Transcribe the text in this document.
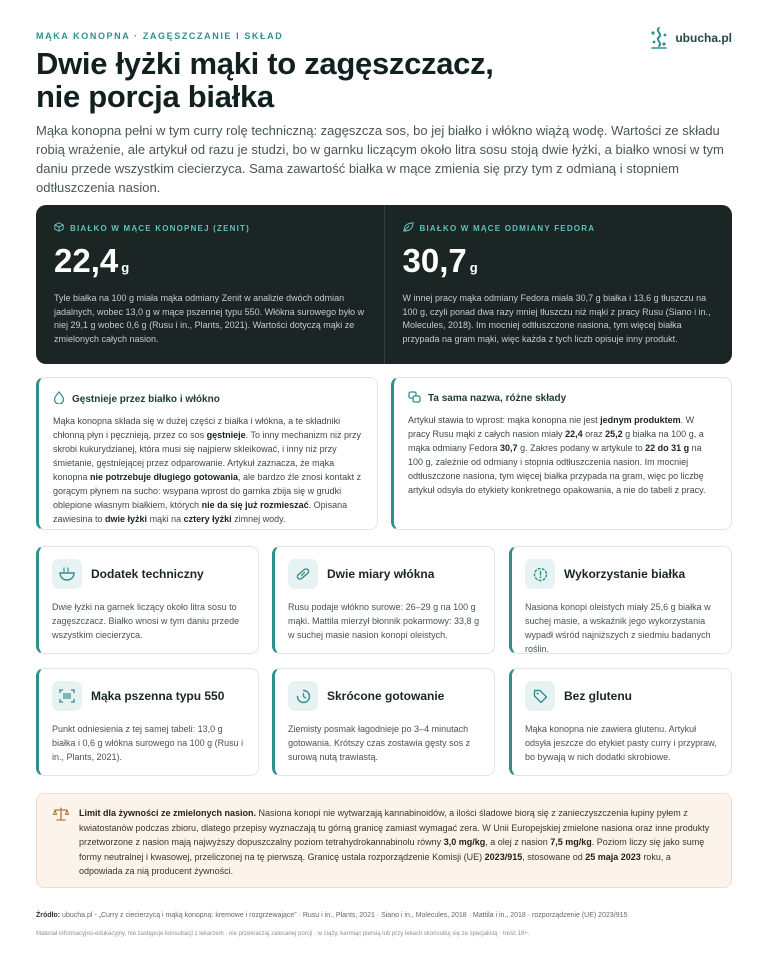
MĄKA KONOPNA · ZAGĘSZCZANIE I SKŁAD	ubucha.pl
Dwie łyżki mąki to zagęszczacz,
nie porcja białka

Mąka konopna pełni w tym curry rolę techniczną: zagęszcza sos, bo jej białko i włókno wiążą wodę. Wartości ze składu robią wrażenie, ale artykuł od razu je studzi, bo w garnku liczącym około litra sosu stoją dwie łyżki, a białko wnosi w tym daniu przede wszystkim ciecierzyca. Sama zawartość białka w mące zmienia się przy tym z odmianą i stopniem odtłuszczenia nasion.

BIAŁKO W MĄCE KONOPNEJ (ZENIT)
22,4 g
Tyle białka na 100 g miała mąka odmiany Zenit w analizie dwóch odmian jadalnych, wobec 13,0 g w mące pszennej typu 550. Włókna surowego było w niej 29,1 g wobec 0,6 g (Rusu i in., Plants, 2021). Wartości dotyczą mąki ze zmielonych całych nasion.
BIAŁKO W MĄCE ODMIANY FEDORA
30,7 g
W innej pracy mąka odmiany Fedora miała 30,7 g białka i 13,6 g tłuszczu na 100 g, czyli ponad dwa razy mniej tłuszczu niż mąki z pracy Rusu (Siano i in., Molecules, 2018). Im mocniej odtłuszczone nasiona, tym więcej białka przypada na gram mąki, więc każda z tych liczb opisuje inny produkt.
Gęstnieje przez białko i włókno
Mąka konopna składa się w dużej części z białka i włókna, a te składniki chłonną płyn i pęcznieją, przez co sos gęstnieje. To inny mechanizm niż przy skrobi kukurydzianej, która musi się najpierw skleikować, i inny niż przy śmietanie, gęstniejącej przez odparowanie. Artykuł zaznacza, że mąka konopna nie potrzebuje długiego gotowania, ale bardzo źle znosi kontakt z gorącym płynem na sucho: wsypana wprost do garnka zbija się w grudki oblepione własnym białkiem, których nie da się już rozmieszać. Opisana zawiesina to dwie łyżki mąki na cztery łyżki zimnej wody.
Ta sama nazwa, różne składy
Artykuł stawia to wprost: mąka konopna nie jest jednym produktem. W pracy Rusu mąki z całych nasion miały 22,4 oraz 25,2 g białka na 100 g, a mąka odmiany Fedora 30,7 g. Zakres podany w artykule to 22 do 31 g na 100 g, zależnie od odmiany i stopnia odtłuszczenia nasion. Im mocniej odtłuszczone nasiona, tym więcej białka przypada na gram, więc po liczbę artykuł odsyła do etykiety konkretnego opakowania, a nie do tabeli z pracy.
Dodatek techniczny
Dwie łyżki na garnek liczący około litra sosu to zagęszczacz. Białko wnosi w tym daniu przede wszystkim ciecierzyca.
Dwie miary włókna
Rusu podaje włókno surowe: 26–29 g na 100 g mąki. Mattila mierzył błonnik pokarmowy: 33,8 g w suchej masie nasion konopi oleistych.
Wykorzystanie białka
Nasiona konopi oleistych miały 25,6 g białka w suchej masie, a wskaźnik jego wykorzystania wypadł wśród najniższych z siedmiu badanych roślin.
Mąka pszenna typu 550
Punkt odniesienia z tej samej tabeli: 13,0 g białka i 0,6 g włókna surowego na 100 g (Rusu i in., Plants, 2021).
Skrócone gotowanie
Ziemisty posmak łagodnieje po 3–4 minutach gotowania. Krótszy czas zostawia gęsty sos z surową nutą trawiastą.
Bez glutenu
Mąka konopna nie zawiera glutenu. Artykuł odsyła jeszcze do etykiet pasty curry i przypraw, bo bywają w nich dodatki skrobiowe.
Limit dla żywności ze zmielonych nasion. Nasiona konopi nie wytwarzają kannabinoidów, a ilości śladowe biorą się z zanieczyszczenia łupiny pyłem z kwiatostanów podczas zbioru, dlatego przepisy wyznaczają tu górną granicę zamiast wymagać zera. W Unii Europejskiej zmielone nasiona oraz inne produkty przetworzone z nasion mają najwyższy dopuszczalny poziom tetrahydrokannabinolu równy 3,0 mg/kg, a olej z nasion 7,5 mg/kg. Poziom liczy się jako sumę formy neutralnej i kwasowej, przeliczonej na tę pierwszą. Granicę ustala rozporządzenie Komisji (UE) 2023/915, stosowane od 25 maja 2023 roku, a odpowiada za nią producent żywności.
Źródło: ubucha.pl - „Curry z ciecierzycą i mąką konopną: kremowe i rozgrzewające” · Rusu i in., Plants, 2021 · Siano i in., Molecules, 2018 · Mattila i in., 2018 · rozporządzenie (UE) 2023/915
Materiał informacyjno-edukacyjny, nie zastępuje konsultacji z lekarzem · nie przekraczaj zalecanej porcji · w ciąży, karmiąc piersią lub przy lekach skonsultuj się ze specjalistą · treść 18+.
